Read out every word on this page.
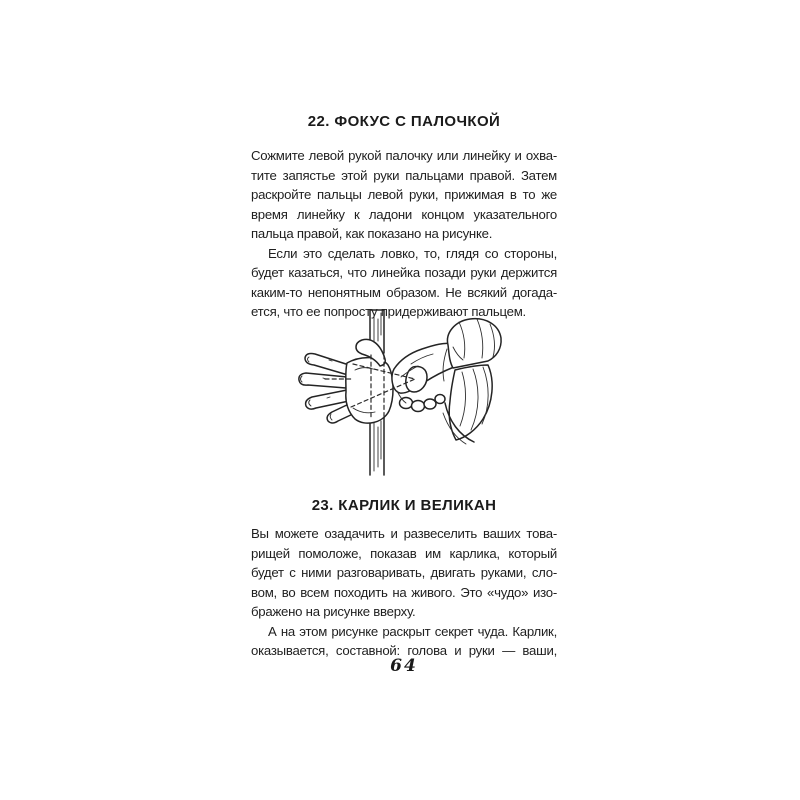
22. ФОКУС С ПАЛОЧКОЙ
Сожмите левой рукой палочку или линейку и охва-
тите запястье этой руки пальцами правой. Затем
раскройте пальцы левой руки, прижимая в то же
время линейку к ладони концом указательного
пальца правой, как показано на рисунке.
Если это сделать ловко, то, глядя со стороны,
будет казаться, что линейка позади руки держится
каким-то непонятным образом. Не всякий догада-
ется, что ее попросту придерживают пальцем.
23. КАРЛИК И ВЕЛИКАН
Вы можете озадачить и развеселить ваших това-
рищей помоложе, показав им карлика, который
будет с ними разговаривать, двигать руками, сло-
вом, во всем походить на живого. Это «чудо» изо-
бражено на рисунке вверху.
А на этом рисунке раскрыт секрет чуда. Карлик,
оказывается, составной: голова и руки — ваши,
64
